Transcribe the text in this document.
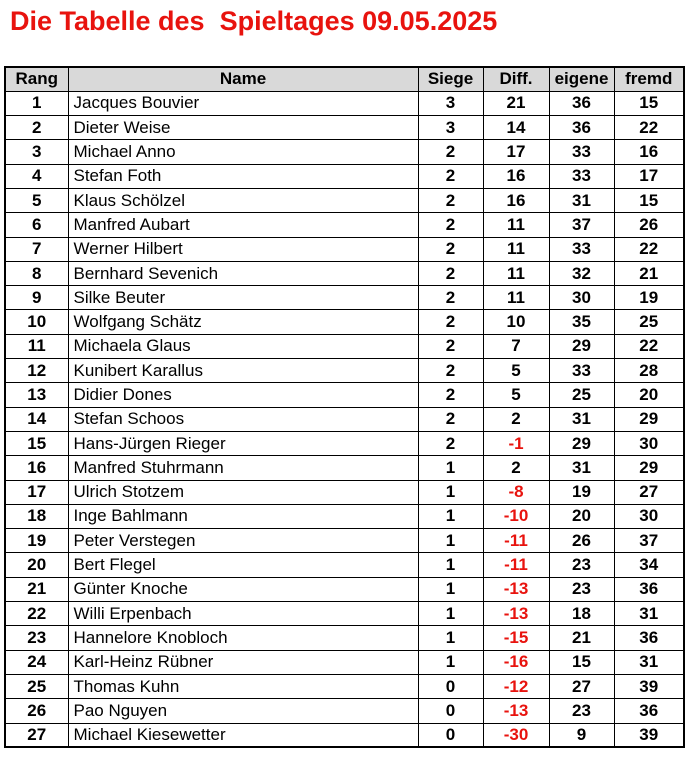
Die Tabelle des  Spieltages 09.05.2025
Rang	Name	Siege	Diff.	eigene	fremd
1	Jacques Bouvier	3	21	36	15
2	Dieter Weise	3	14	36	22
3	Michael Anno	2	17	33	16
4	Stefan Foth	2	16	33	17
5	Klaus Schölzel	2	16	31	15
6	Manfred Aubart	2	11	37	26
7	Werner Hilbert	2	11	33	22
8	Bernhard Sevenich	2	11	32	21
9	Silke Beuter	2	11	30	19
10	Wolfgang Schätz	2	10	35	25
11	Michaela Glaus	2	7	29	22
12	Kunibert Karallus	2	5	33	28
13	Didier Dones	2	5	25	20
14	Stefan Schoos	2	2	31	29
15	Hans-Jürgen Rieger	2	-1	29	30
16	Manfred Stuhrmann	1	2	31	29
17	Ulrich Stotzem	1	-8	19	27
18	Inge Bahlmann	1	-10	20	30
19	Peter Verstegen	1	-11	26	37
20	Bert Flegel	1	-11	23	34
21	Günter Knoche	1	-13	23	36
22	Willi Erpenbach	1	-13	18	31
23	Hannelore Knobloch	1	-15	21	36
24	Karl-Heinz Rübner	1	-16	15	31
25	Thomas Kuhn	0	-12	27	39
26	Pao Nguyen	0	-13	23	36
27	Michael Kiesewetter	0	-30	9	39
